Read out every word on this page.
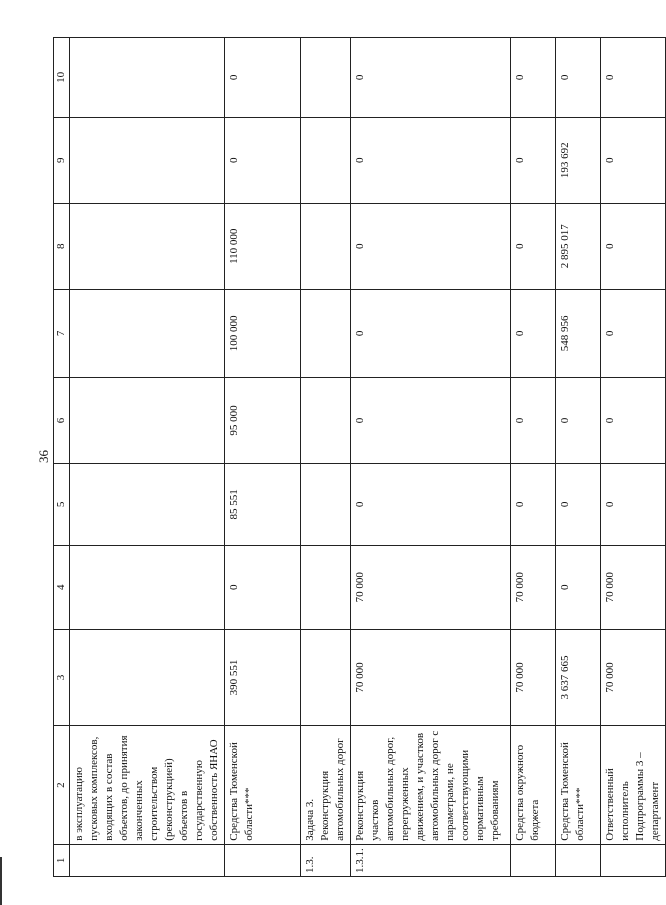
36
1	2	3	4	5	6	7	8	9	10
	в эксплуатацию пусковых комплексов, входящих в состав объектов, до принятия законченных строительством (реконструкцией) объектов в государственную собственность ЯНАО								
	Средства Тюменской области***	390 551	0	85 551	95 000	100 000	110 000	0	0
1.3.	Задача 3. Реконструкция автомобильных дорог								
1.3.1.	Реконструкция участков автомобильных дорог, перегруженных движением, и участков автомобильных дорог с параметрами, не соответствующими нормативным требованиям	70 000	70 000	0	0	0	0	0	0
	Средства окружного бюджета	70 000	70 000	0	0	0	0	0	0
	Средства Тюменской области***	3 637 665	0	0	0	548 956	2 895 017	193 692	0
	Ответственный исполнитель Подпрограммы 3 – департамент	70 000	70 000	0	0	0	0	0	0
